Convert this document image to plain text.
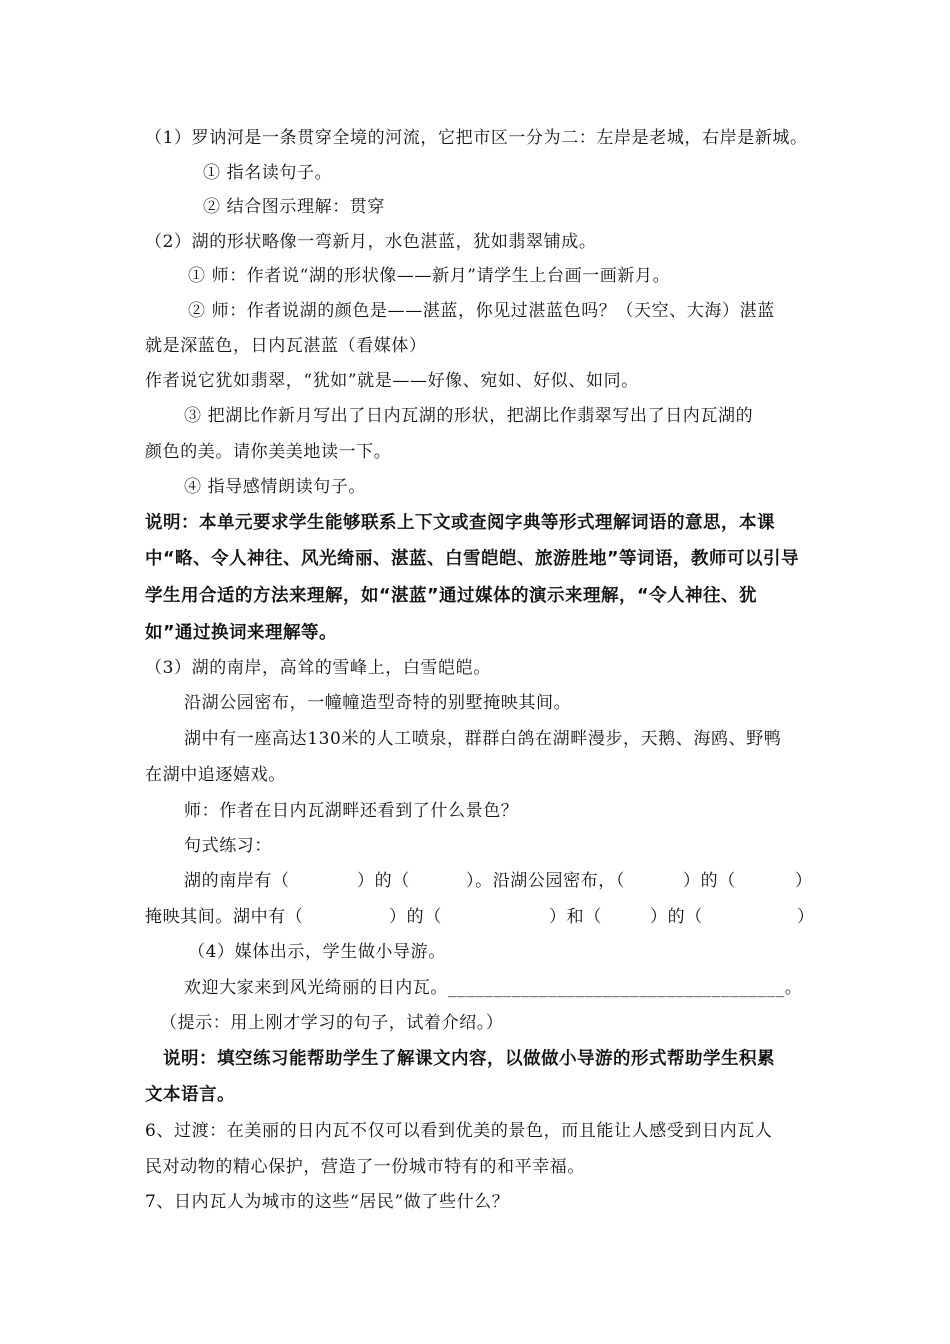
（1）罗讷河是一条贯穿全境的河流，它把市区一分为二：左岸是老城，右岸是新城。
① 指名读句子。
② 结合图示理解：贯穿
（2）湖的形状略像一弯新月，水色湛蓝，犹如翡翠铺成。
① 师：作者说“湖的形状像——新月”请学生上台画一画新月。
② 师：作者说湖的颜色是——湛蓝，你见过湛蓝色吗？（天空、大海）湛蓝
就是深蓝色，日内瓦湛蓝（看媒体）
作者说它犹如翡翠，“犹如”就是——好像、宛如、好似、如同。
③ 把湖比作新月写出了日内瓦湖的形状，把湖比作翡翠写出了日内瓦湖的
颜色的美。请你美美地读一下。
④ 指导感情朗读句子。
说明：本单元要求学生能够联系上下文或查阅字典等形式理解词语的意思，本课
中“略、令人神往、风光绮丽、湛蓝、白雪皑皑、旅游胜地”等词语，教师可以引导
学生用合适的方法来理解，如“湛蓝”通过媒体的演示来理解，“令人神往、犹
如”通过换词来理解等。
（3）湖的南岸，高耸的雪峰上，白雪皑皑。
沿湖公园密布，一幢幢造型奇特的别墅掩映其间。
湖中有一座高达130米的人工喷泉，群群白鸽在湖畔漫步，天鹅、海鸥、野鸭
在湖中追逐嬉戏。
师：作者在日内瓦湖畔还看到了什么景色？
句式练习：
湖的南岸有（	）的（	）。沿湖公园密布，（	）的（	）
掩映其间。湖中有（	）的（	）和（	）的（	）
（4）媒体出示，学生做小导游。
欢迎大家来到风光绮丽的日内瓦。_____________________________________。
（提示：用上刚才学习的句子，试着介绍。）
说明：填空练习能帮助学生了解课文内容，以做做小导游的形式帮助学生积累
文本语言。
6、过渡：在美丽的日内瓦不仅可以看到优美的景色，而且能让人感受到日内瓦人
民对动物的精心保护，营造了一份城市特有的和平幸福。
7、日内瓦人为城市的这些“居民”做了些什么？
